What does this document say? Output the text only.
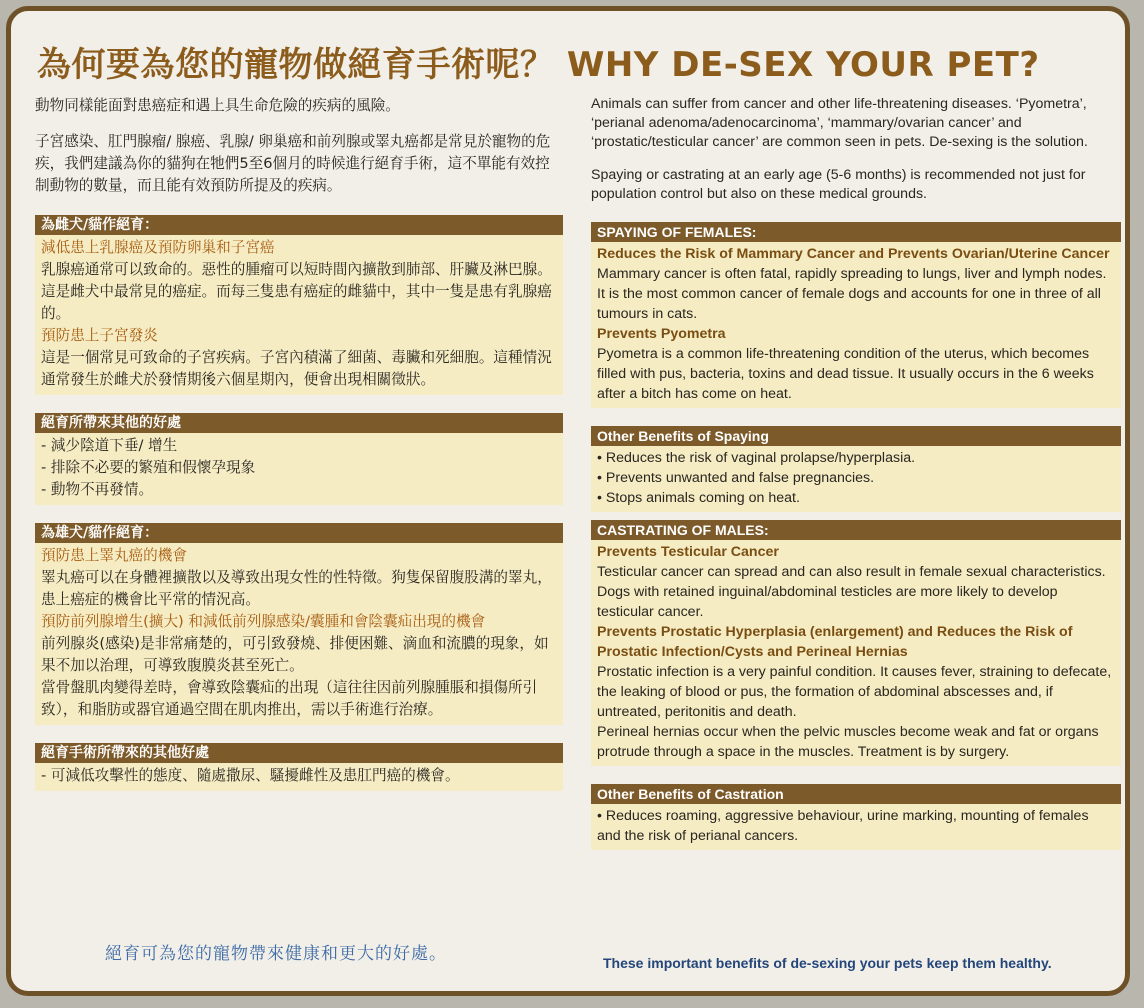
為何要為您的寵物做絕育手術呢？ WHY DE-SEX YOUR PET?

動物同樣能面對患癌症和遇上具生命危險的疾病的風險。

子宮感染、肛門腺瘤/ 腺癌、乳腺/ 卵巢癌和前列腺或睪丸癌都是常見於寵物的危疾，我們建議為你的貓狗在牠們5至6個月的時候進行絕育手術，這不單能有效控制動物的數量，而且能有效預防所提及的疾病。

為雌犬/貓作絕育：

減低患上乳腺癌及預防卵巢和子宮癌

乳腺癌通常可以致命的。惡性的腫瘤可以短時間內擴散到肺部、肝臟及淋巴腺。

這是雌犬中最常見的癌症。而每三隻患有癌症的雌貓中，其中一隻是患有乳腺癌的。

預防患上子宮發炎

這是一個常見可致命的子宮疾病。子宮內積滿了細菌、毒臟和死細胞。這種情況通常發生於雌犬於發情期後六個星期內，便會出現相關徵狀。

絕育所帶來其他的好處
- 減少陰道下垂/ 增生
- 排除不必要的繁殖和假懷孕現象
- 動物不再發情。
為雄犬/貓作絕育：

預防患上睪丸癌的機會

睪丸癌可以在身體裡擴散以及導致出現女性的性特徵。狗隻保留腹股溝的睪丸，患上癌症的機會比平常的情況高。

預防前列腺增生(擴大) 和減低前列腺感染/囊腫和會陰囊疝出現的機會

前列腺炎(感染)是非常痛楚的，可引致發燒、排便困難、滴血和流膿的現象，如果不加以治理，可導致腹膜炎甚至死亡。

當骨盤肌肉變得差時，會導致陰囊疝的出現（這往往因前列腺腫脹和損傷所引致），和脂肪或器官通過空間在肌肉推出，需以手術進行治療。

絕育手術所帶來的其他好處

- 可減低攻擊性的態度、隨處撒尿、騷擾雌性及患肛門癌的機會。

Animals can suffer from cancer and other life-threatening diseases. ‘Pyometra’, ‘perianal adenoma/adenocarcinoma’, ‘mammary/ovarian cancer’ and ‘prostatic/testicular cancer’ are common seen in pets. De-sexing is the solution.

Spaying or castrating at an early age (5-6 months) is recommended not just for population control but also on these medical grounds.

SPAYING OF FEMALES:

Reduces the Risk of Mammary Cancer and Prevents Ovarian/Uterine Cancer

Mammary cancer is often fatal, rapidly spreading to lungs, liver and lymph nodes. It is the most common cancer of female dogs and accounts for one in three of all tumours in cats.

Prevents Pyometra

Pyometra is a common life-threatening condition of the uterus, which becomes filled with pus, bacteria, toxins and dead tissue. It usually occurs in the 6 weeks after a bitch has come on heat.

Other Benefits of Spaying
• Reduces the risk of vaginal prolapse/hyperplasia.
• Prevents unwanted and false pregnancies.
• Stops animals coming on heat.
CASTRATING OF MALES:

Prevents Testicular Cancer

Testicular cancer can spread and can also result in female sexual characteristics.

Dogs with retained inguinal/abdominal testicles are more likely to develop testicular cancer.

Prevents Prostatic Hyperplasia (enlargement) and Reduces the Risk of Prostatic Infection/Cysts and Perineal Hernias

Prostatic infection is a very painful condition. It causes fever, straining to defecate, the leaking of blood or pus, the formation of abdominal abscesses and, if untreated, peritonitis and death.

Perineal hernias occur when the pelvic muscles become weak and fat or organs protrude through a space in the muscles. Treatment is by surgery.

Other Benefits of Castration
• Reduces roaming, aggressive behaviour, urine marking, mounting of females and the risk of perianal cancers.
絕育可為您的寵物帶來健康和更大的好處。	These important benefits of de-sexing your pets keep them healthy.
